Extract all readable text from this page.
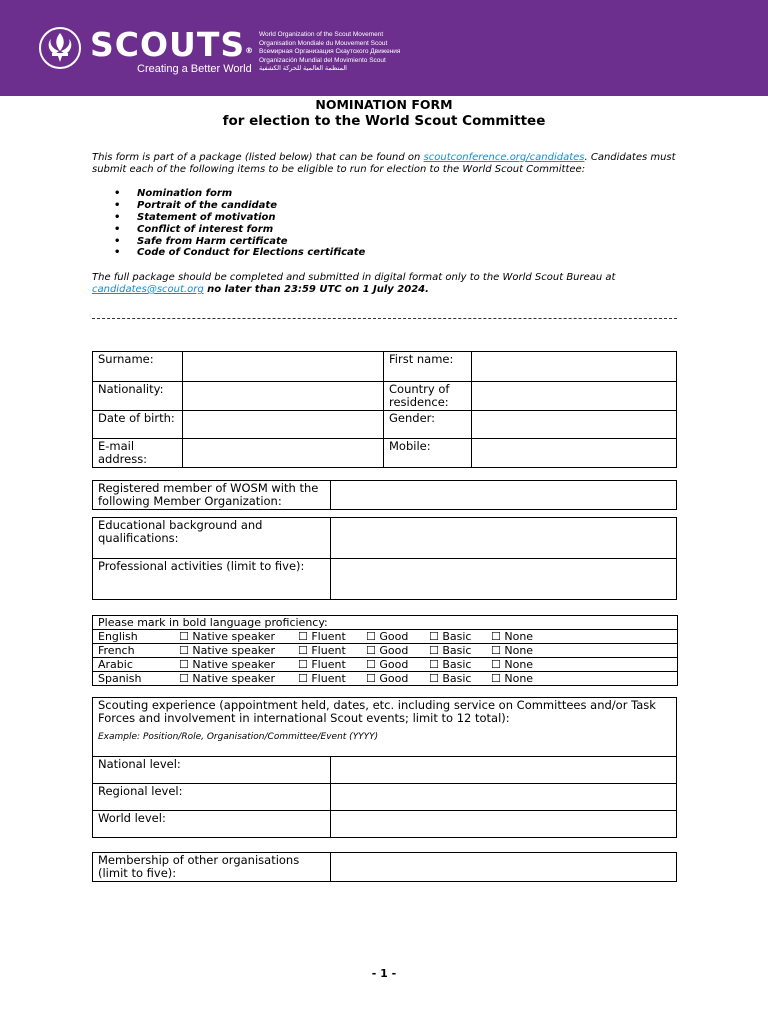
SCOUTS®
Creating a Better World
World Organization of the Scout Movement
Organisation Mondiale du Mouvement Scout
Всемирная Организация Скаутского Движения
Organización Mundial del Movimiento Scout
المنظمة العالمية للحركة الكشفية
NOMINATION FORM
for election to the World Scout Committee
This form is part of a package (listed below) that can be found on scoutconference.org/candidates. Candidates must submit each of the following items to be eligible to run for election to the World Scout Committee:
• Nomination form
• Portrait of the candidate
• Statement of motivation
• Conflict of interest form
• Safe from Harm certificate
• Code of Conduct for Elections certificate
The full package should be completed and submitted in digital format only to the World Scout Bureau at candidates@scout.org no later than 23:59 UTC on 1 July 2024.
Surname:		First name:	
Nationality:		Country of residence:	
Date of birth:		Gender:	
E-mail address:		Mobile:	
Registered member of WOSM with the following Member Organization:	
Educational background and qualifications:	
Professional activities (limit to five):	
Please mark in bold language proficiency:
English	☐ Native speaker ☐ Fluent ☐ Good ☐ Basic ☐ None
French	☐ Native speaker ☐ Fluent ☐ Good ☐ Basic ☐ None
Arabic	☐ Native speaker ☐ Fluent ☐ Good ☐ Basic ☐ None
Spanish	☐ Native speaker ☐ Fluent ☐ Good ☐ Basic ☐ None
Scouting experience (appointment held, dates, etc. including service on Committees and/or Task Forces and involvement in international Scout events; limit to 12 total):
Example: Position/Role, Organisation/Committee/Event (YYYY)	

National level:	
Regional level:	
World level:	
Membership of other organisations (limit to five):	
- 1 -
